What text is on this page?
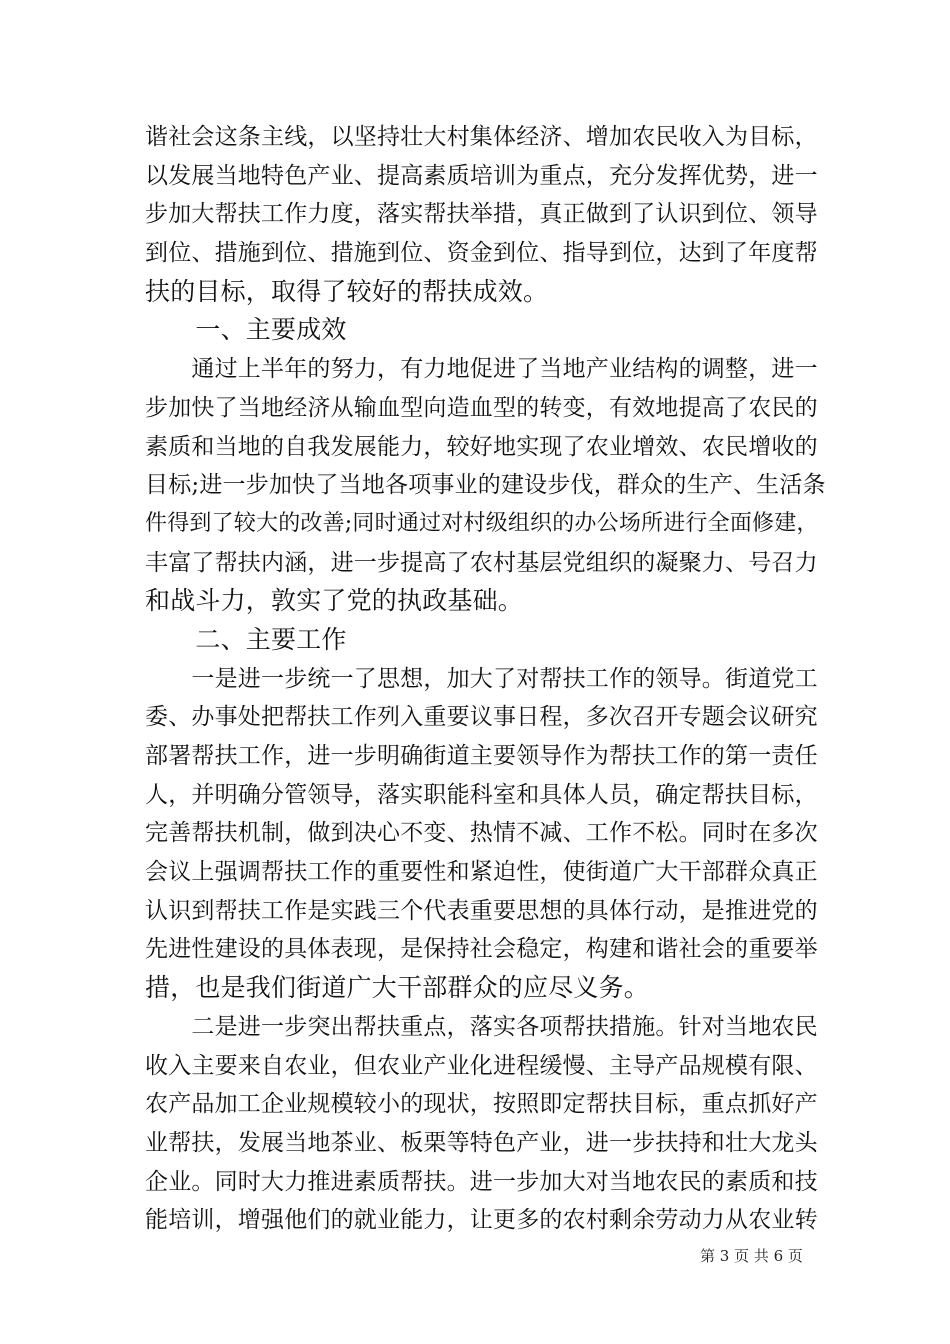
谐社会这条主线，以坚持壮大村集体经济、增加农民收入为目标，
以发展当地特色产业、提高素质培训为重点，充分发挥优势，进一
步加大帮扶工作力度，落实帮扶举措，真正做到了认识到位、领导
到位、措施到位、措施到位、资金到位、指导到位，达到了年度帮
扶的目标，取得了较好的帮扶成效。
　　一、主要成效
　　通过上半年的努力，有力地促进了当地产业结构的调整，进一
步加快了当地经济从输血型向造血型的转变，有效地提高了农民的
素质和当地的自我发展能力，较好地实现了农业增效、农民增收的
目标;进一步加快了当地各项事业的建设步伐，群众的生产、生活条
件得到了较大的改善;同时通过对村级组织的办公场所进行全面修建，
丰富了帮扶内涵，进一步提高了农村基层党组织的凝聚力、号召力
和战斗力，敦实了党的执政基础。
　　二、主要工作
　　一是进一步统一了思想，加大了对帮扶工作的领导。街道党工
委、办事处把帮扶工作列入重要议事日程，多次召开专题会议研究
部署帮扶工作，进一步明确街道主要领导作为帮扶工作的第一责任
人，并明确分管领导，落实职能科室和具体人员，确定帮扶目标，
完善帮扶机制，做到决心不变、热情不减、工作不松。同时在多次
会议上强调帮扶工作的重要性和紧迫性，使街道广大干部群众真正
认识到帮扶工作是实践三个代表重要思想的具体行动，是推进党的
先进性建设的具体表现，是保持社会稳定，构建和谐社会的重要举
措，也是我们街道广大干部群众的应尽义务。
　　二是进一步突出帮扶重点，落实各项帮扶措施。针对当地农民
收入主要来自农业，但农业产业化进程缓慢、主导产品规模有限、
农产品加工企业规模较小的现状，按照即定帮扶目标，重点抓好产
业帮扶，发展当地茶业、板栗等特色产业，进一步扶持和壮大龙头
企业。同时大力推进素质帮扶。进一步加大对当地农民的素质和技
能培训，增强他们的就业能力，让更多的农村剩余劳动力从农业转
第 3 页 共 6 页
